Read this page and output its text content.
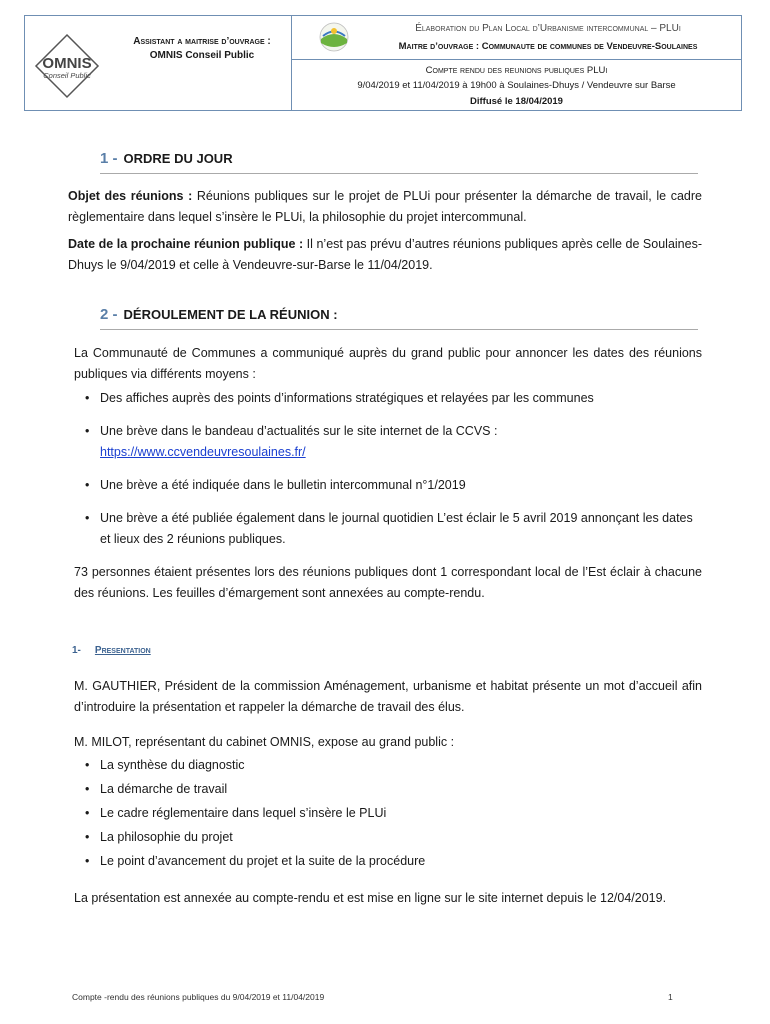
OMNIS
Conseil Public
Assistant a maitrise d’ouvrage :
OMNIS Conseil Public
Élaboration du Plan Local d’Urbanisme intercommunal – PLUi
Maitre d’ouvrage : Communaute de communes de Vendeuvre-Soulaines
Compte rendu des reunions publiques PLUi
9/04/2019 et 11/04/2019 à 19h00 à Soulaines-Dhuys / Vendeuvre sur Barse
Diffusé le 18/04/2019
1 - ORDRE DU JOUR
Objet des réunions : Réunions publiques sur le projet de PLUi pour présenter la démarche de travail, le cadre règlementaire dans lequel s’insère le PLUi, la philosophie du projet intercommunal.
Date de la prochaine réunion publique : Il n’est pas prévu d’autres réunions publiques après celle de Soulaines-Dhuys le 9/04/2019 et celle à Vendeuvre-sur-Barse le 11/04/2019.
2 - DÉROULEMENT DE LA RÉUNION :
La Communauté de Communes a communiqué auprès du grand public pour annoncer les dates des réunions publiques via différents moyens :
• Des affiches auprès des points d’informations stratégiques et relayées par les communes
• Une brève dans le bandeau d’actualités sur le site internet de la CCVS :
https://www.ccvendeuvresoulaines.fr/
• Une brève a été indiquée dans le bulletin intercommunal n°1/2019
• Une brève a été publiée également dans le journal quotidien L’est éclair le 5 avril 2019 annonçant les dates et lieux des 2 réunions publiques.
73 personnes étaient présentes lors des réunions publiques dont 1 correspondant local de l’Est éclair à chacune des réunions. Les feuilles d’émargement sont annexées au compte-rendu.
1- Presentation
M. GAUTHIER, Président de la commission Aménagement, urbanisme et habitat présente un mot d’accueil afin d’introduire la présentation et rappeler la démarche de travail des élus.
M. MILOT, représentant du cabinet OMNIS, expose au grand public :
• La synthèse du diagnostic
• La démarche de travail
• Le cadre réglementaire dans lequel s’insère le PLUi
• La philosophie du projet
• Le point d’avancement du projet et la suite de la procédure
La présentation est annexée au compte-rendu et est mise en ligne sur le site internet depuis le 12/04/2019.
Compte -rendu des réunions publiques du 9/04/2019 et 11/04/2019	1
